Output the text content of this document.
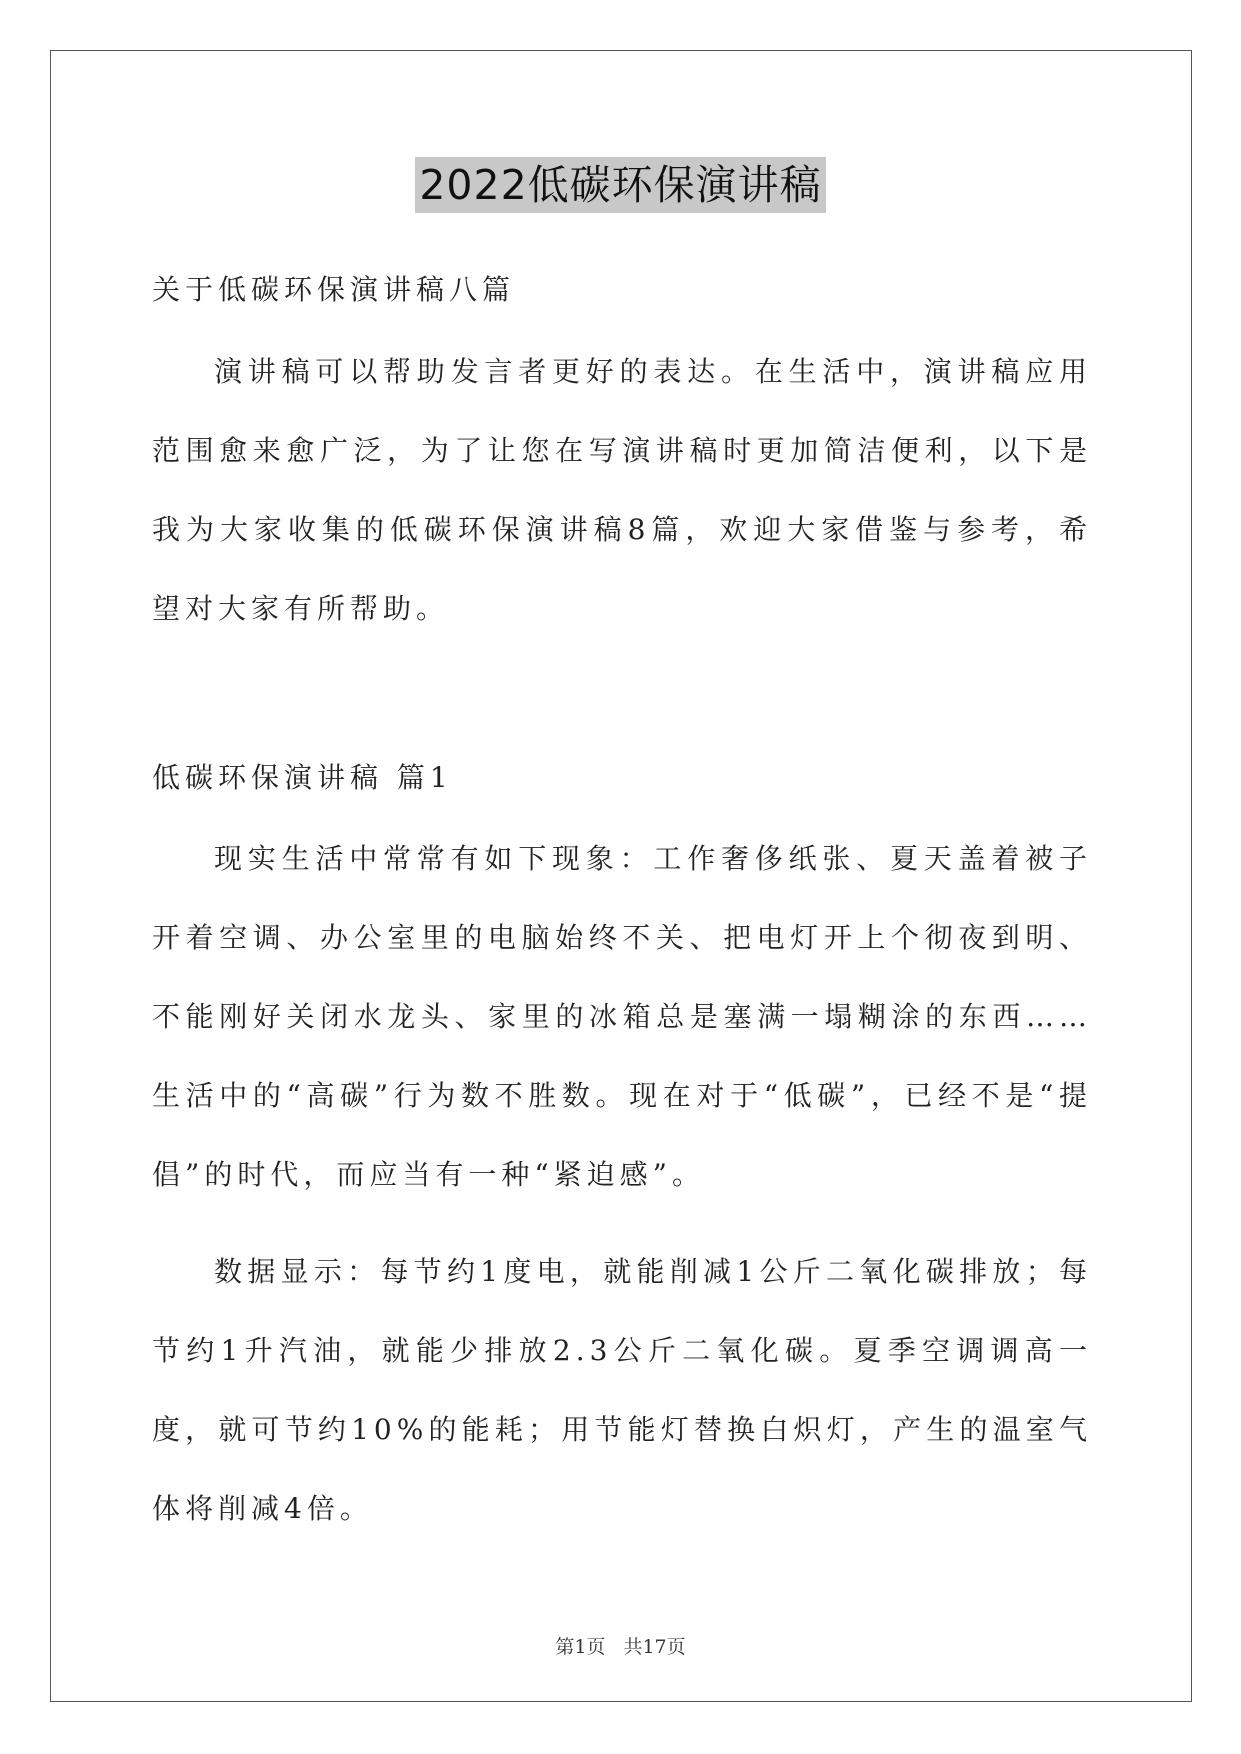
2022低碳环保演讲稿

关于低碳环保演讲稿八篇

演讲稿可以帮助发言者更好的表达。在生活中，演讲稿应用范围愈来愈广泛，为了让您在写演讲稿时更加简洁便利，以下是我为大家收集的低碳环保演讲稿8篇，欢迎大家借鉴与参考，希望对大家有所帮助。

低碳环保演讲稿 篇1

现实生活中常常有如下现象：工作奢侈纸张、夏天盖着被子开着空调、办公室里的电脑始终不关、把电灯开上个彻夜到明、不能刚好关闭水龙头、家里的冰箱总是塞满一塌糊涂的东西……生活中的“高碳”行为数不胜数。现在对于“低碳”，已经不是“提倡”的时代，而应当有一种“紧迫感”。

数据显示：每节约1度电，就能削减1公斤二氧化碳排放；每节约1升汽油，就能少排放2.3公斤二氧化碳。夏季空调调高一度，就可节约10%的能耗；用节能灯替换白炽灯，产生的温室气体将削减4倍。

第1页 共17页
